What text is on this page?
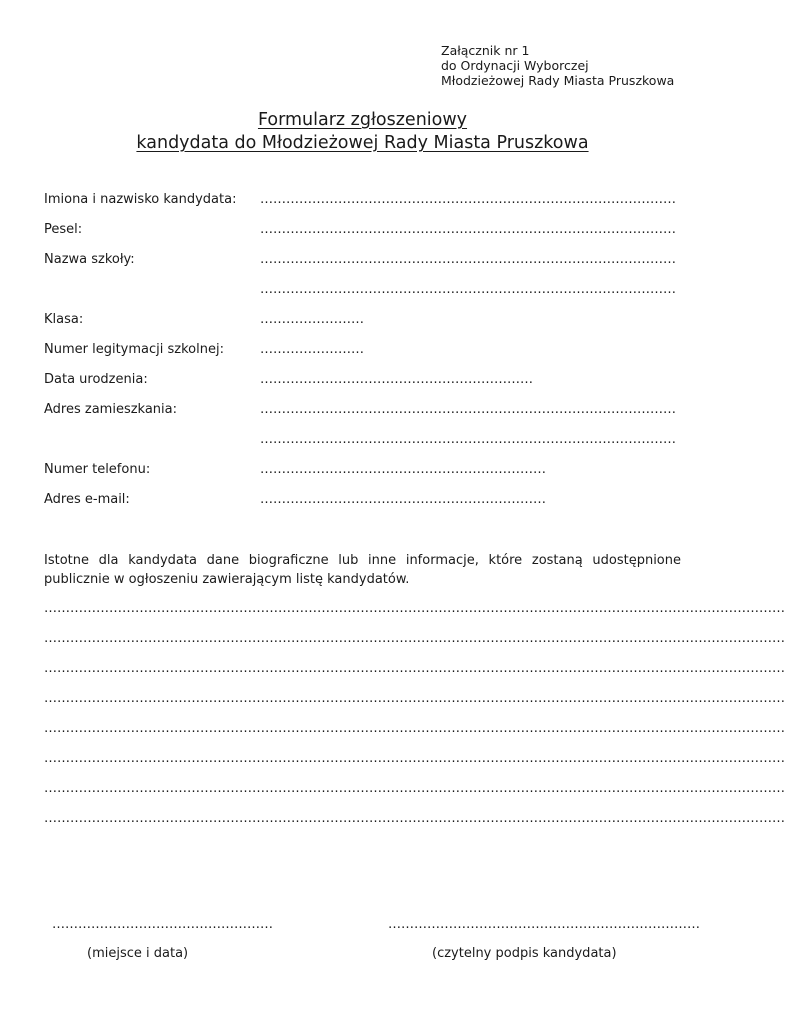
Załącznik nr 1
do Ordynacji Wyborczej
Młodzieżowej Rady Miasta Pruszkowa
Formularz zgłoszeniowy
kandydata do Młodzieżowej Rady Miasta Pruszkowa
Imiona i nazwisko kandydata: ……………………………………………………………………………………
Pesel:	……………………………………………………………………………………
Nazwa szkoły:	……………………………………………………………………………………
……………………………………………………………………………………
Klasa:	……………………
Numer legitymacji szkolnej:	……………………
Data urodzenia:	………………………………………………………
Adres zamieszkania:	……………………………………………………………………………………
……………………………………………………………………………………
Numer telefonu:	…………………………………………………………
Adres e-mail:	…………………………………………………………
Istotne dla kandydata dane biograficzne lub inne informacje, które zostaną udostępnione publicznie w ogłoszeniu zawierającym listę kandydatów.
………………………………………………………………………………………………………………………………………………………
………………………………………………………………………………………………………………………………………………………
………………………………………………………………………………………………………………………………………………………
………………………………………………………………………………………………………………………………………………………
………………………………………………………………………………………………………………………………………………………
………………………………………………………………………………………………………………………………………………………
………………………………………………………………………………………………………………………………………………………
………………………………………………………………………………………………………………………………………………………
……………………………………………
(miejsce i data)
………………………………………………………………
(czytelny podpis kandydata)
